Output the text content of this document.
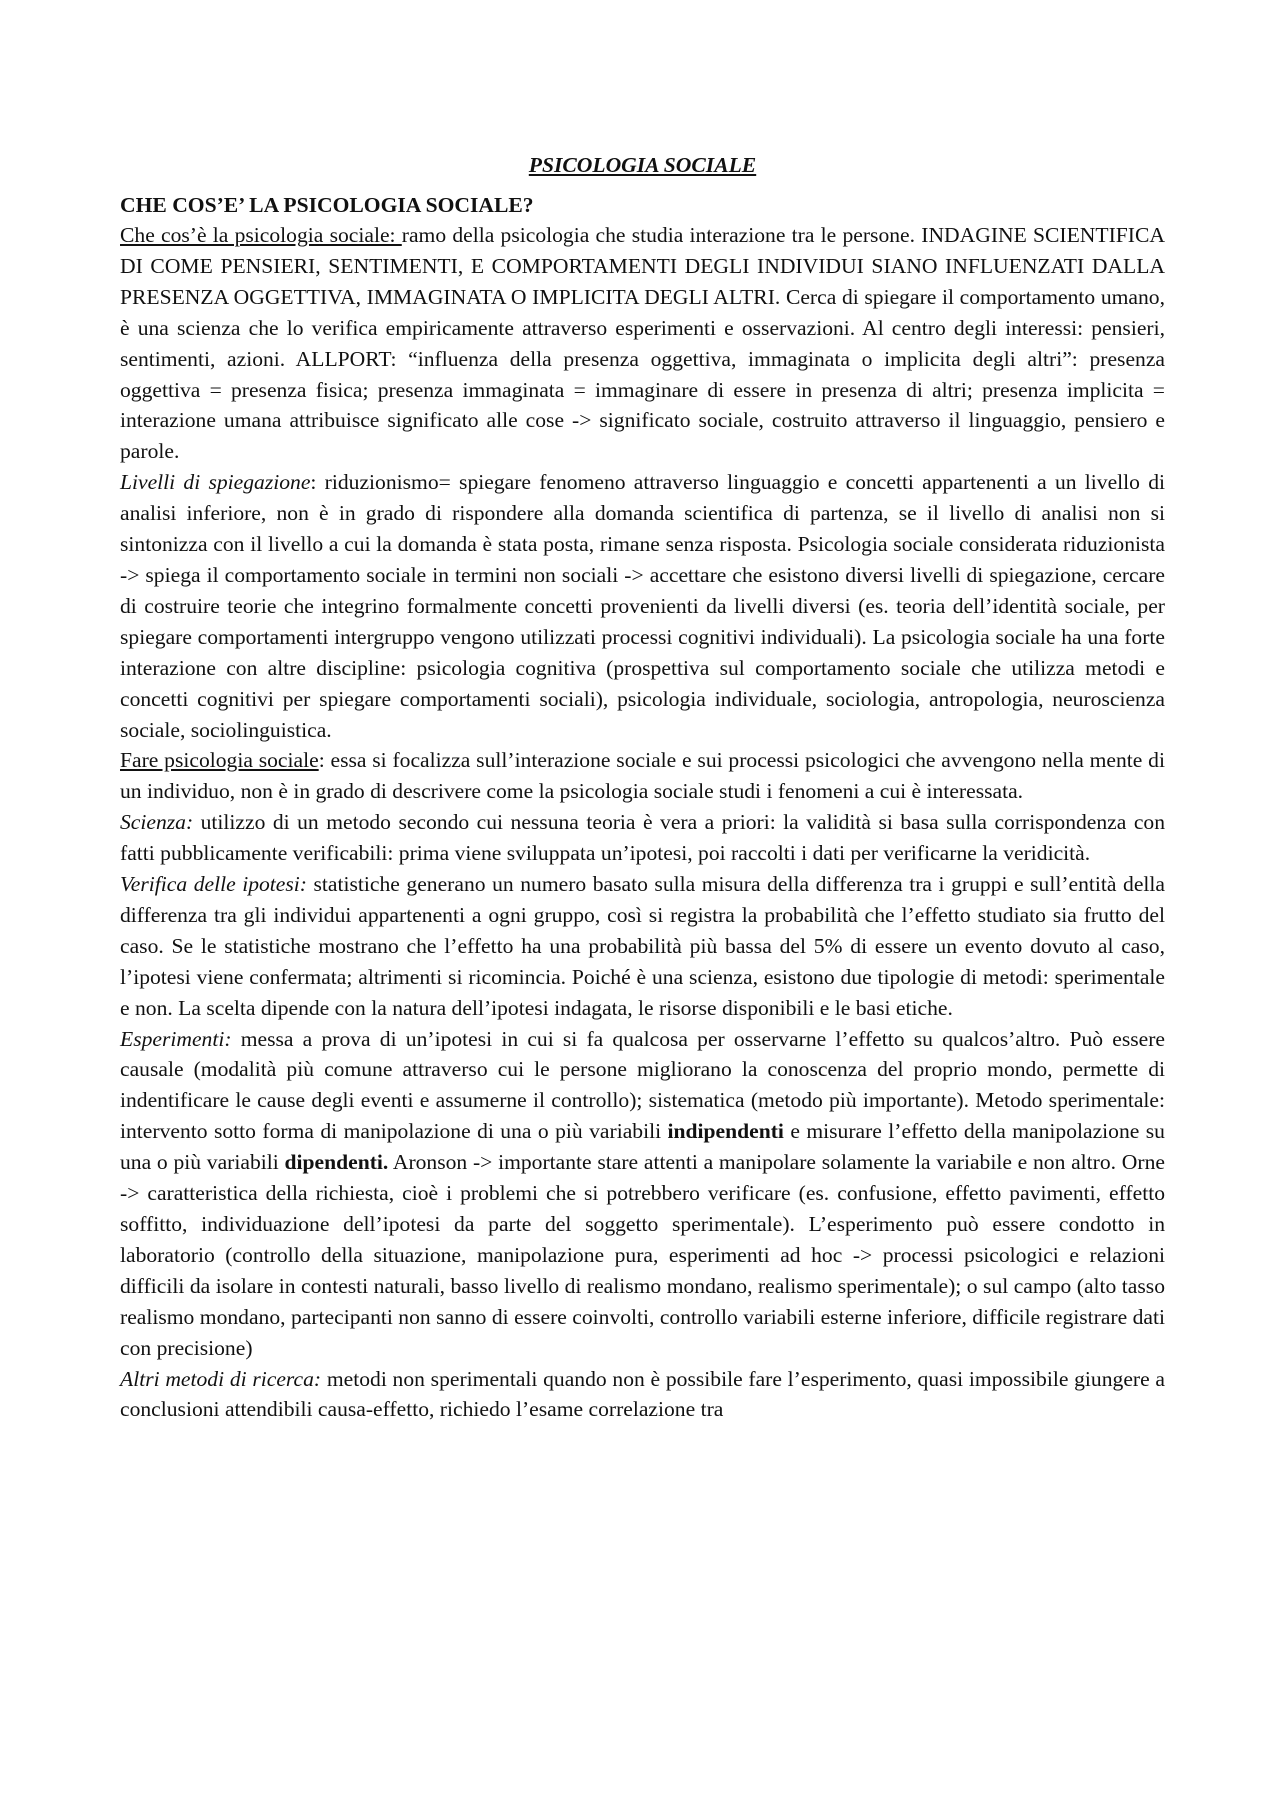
PSICOLOGIA SOCIALE
CHE COS’E’ LA PSICOLOGIA SOCIALE?

Che cos’è la psicologia sociale: ramo della psicologia che studia interazione tra le persone. INDAGINE SCIENTIFICA DI COME PENSIERI, SENTIMENTI, E COMPORTAMENTI DEGLI INDIVIDUI SIANO INFLUENZATI DALLA PRESENZA OGGETTIVA, IMMAGINATA O IMPLICITA DEGLI ALTRI. Cerca di spiegare il comportamento umano, è una scienza che lo verifica empiricamente attraverso esperimenti e osservazioni. Al centro degli interessi: pensieri, sentimenti, azioni. ALLPORT: “influenza della presenza oggettiva, immaginata o implicita degli altri”: presenza oggettiva = presenza fisica; presenza immaginata = immaginare di essere in presenza di altri; presenza implicita = interazione umana attribuisce significato alle cose -> significato sociale, costruito attraverso il linguaggio, pensiero e parole.

Livelli di spiegazione: riduzionismo= spiegare fenomeno attraverso linguaggio e concetti appartenenti a un livello di analisi inferiore, non è in grado di rispondere alla domanda scientifica di partenza, se il livello di analisi non si sintonizza con il livello a cui la domanda è stata posta, rimane senza risposta. Psicologia sociale considerata riduzionista -> spiega il comportamento sociale in termini non sociali -> accettare che esistono diversi livelli di spiegazione, cercare di costruire teorie che integrino formalmente concetti provenienti da livelli diversi (es. teoria dell’identità sociale, per spiegare comportamenti intergruppo vengono utilizzati processi cognitivi individuali). La psicologia sociale ha una forte interazione con altre discipline: psicologia cognitiva (prospettiva sul comportamento sociale che utilizza metodi e concetti cognitivi per spiegare comportamenti sociali), psicologia individuale, sociologia, antropologia, neuroscienza sociale, sociolinguistica.

Fare psicologia sociale: essa si focalizza sull’interazione sociale e sui processi psicologici che avvengono nella mente di un individuo, non è in grado di descrivere come la psicologia sociale studi i fenomeni a cui è interessata.

Scienza: utilizzo di un metodo secondo cui nessuna teoria è vera a priori: la validità si basa sulla corrispondenza con fatti pubblicamente verificabili: prima viene sviluppata un’ipotesi, poi raccolti i dati per verificarne la veridicità.

Verifica delle ipotesi: statistiche generano un numero basato sulla misura della differenza tra i gruppi e sull’entità della differenza tra gli individui appartenenti a ogni gruppo, così si registra la probabilità che l’effetto studiato sia frutto del caso. Se le statistiche mostrano che l’effetto ha una probabilità più bassa del 5% di essere un evento dovuto al caso, l’ipotesi viene confermata; altrimenti si ricomincia. Poiché è una scienza, esistono due tipologie di metodi: sperimentale e non. La scelta dipende con la natura dell’ipotesi indagata, le risorse disponibili e le basi etiche.

Esperimenti: messa a prova di un’ipotesi in cui si fa qualcosa per osservarne l’effetto su qualcos’altro. Può essere causale (modalità più comune attraverso cui le persone migliorano la conoscenza del proprio mondo, permette di indentificare le cause degli eventi e assumerne il controllo); sistematica (metodo più importante). Metodo sperimentale: intervento sotto forma di manipolazione di una o più variabili indipendenti e misurare l’effetto della manipolazione su una o più variabili dipendenti. Aronson -> importante stare attenti a manipolare solamente la variabile e non altro. Orne -> caratteristica della richiesta, cioè i problemi che si potrebbero verificare (es. confusione, effetto pavimenti, effetto soffitto, individuazione dell’ipotesi da parte del soggetto sperimentale). L’esperimento può essere condotto in laboratorio (controllo della situazione, manipolazione pura, esperimenti ad hoc -> processi psicologici e relazioni difficili da isolare in contesti naturali, basso livello di realismo mondano, realismo sperimentale); o sul campo (alto tasso realismo mondano, partecipanti non sanno di essere coinvolti, controllo variabili esterne inferiore, difficile registrare dati con precisione)

Altri metodi di ricerca: metodi non sperimentali quando non è possibile fare l’esperimento, quasi impossibile giungere a conclusioni attendibili causa-effetto, richiedo l’esame correlazione tra
